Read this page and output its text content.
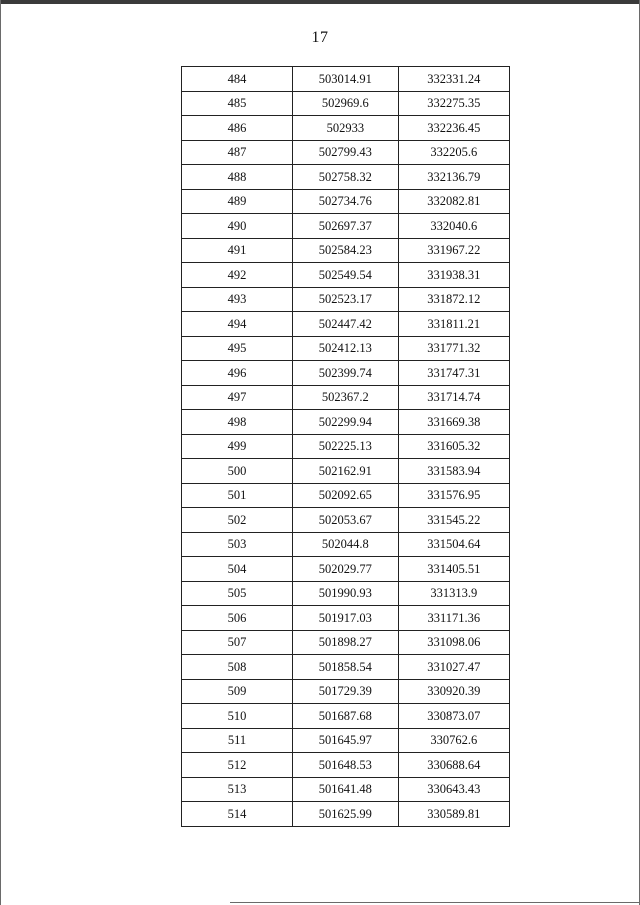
17
484	503014.91	332331.24
485	502969.6	332275.35
486	502933	332236.45
487	502799.43	332205.6
488	502758.32	332136.79
489	502734.76	332082.81
490	502697.37	332040.6
491	502584.23	331967.22
492	502549.54	331938.31
493	502523.17	331872.12
494	502447.42	331811.21
495	502412.13	331771.32
496	502399.74	331747.31
497	502367.2	331714.74
498	502299.94	331669.38
499	502225.13	331605.32
500	502162.91	331583.94
501	502092.65	331576.95
502	502053.67	331545.22
503	502044.8	331504.64
504	502029.77	331405.51
505	501990.93	331313.9
506	501917.03	331171.36
507	501898.27	331098.06
508	501858.54	331027.47
509	501729.39	330920.39
510	501687.68	330873.07
511	501645.97	330762.6
512	501648.53	330688.64
513	501641.48	330643.43
514	501625.99	330589.81
